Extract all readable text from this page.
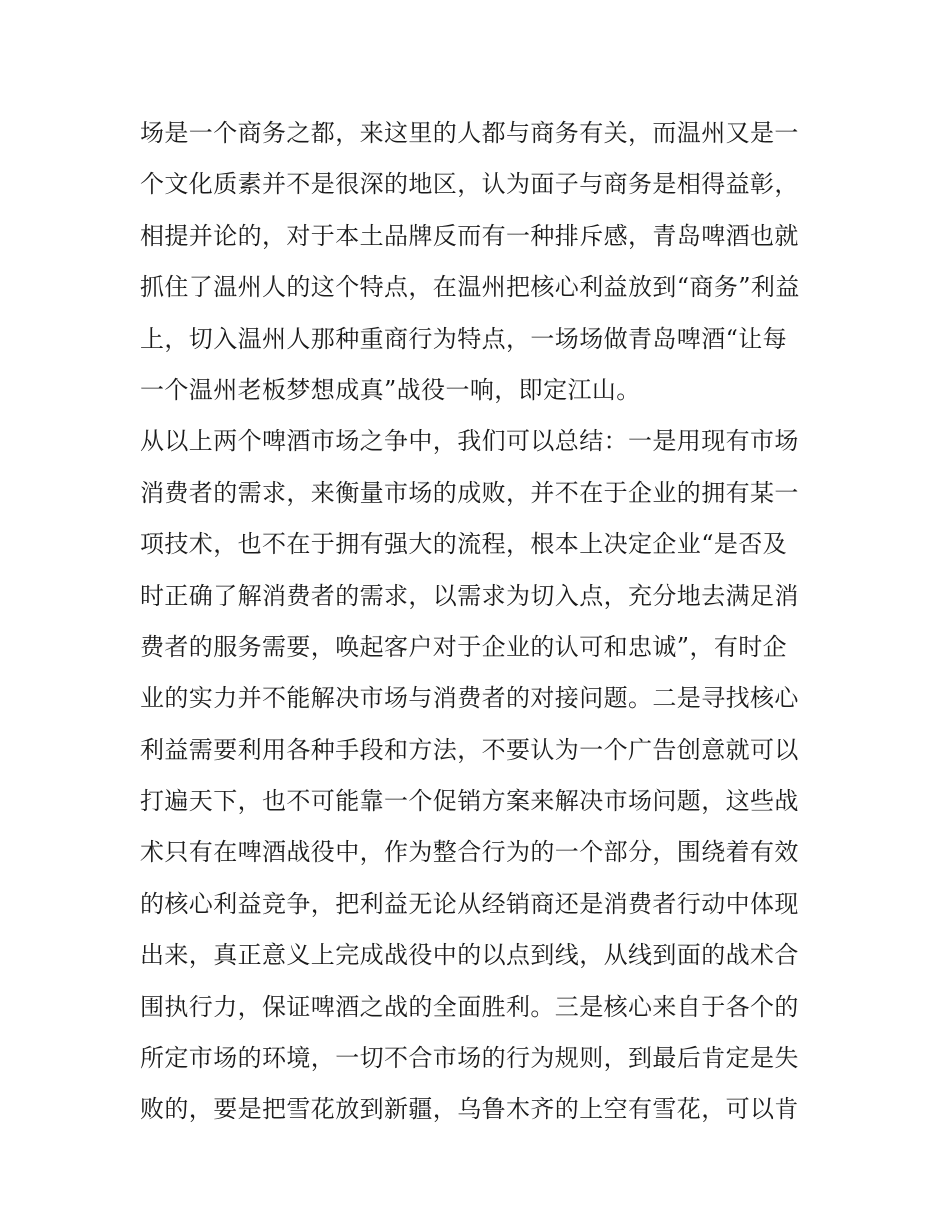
场是一个商务之都，来这里的人都与商务有关，而温州又是一
个文化质素并不是很深的地区，认为面子与商务是相得益彰，
相提并论的，对于本土品牌反而有一种排斥感，青岛啤酒也就
抓住了温州人的这个特点，在温州把核心利益放到“商务”利益
上，切入温州人那种重商行为特点，一场场做青岛啤酒“让每
一个温州老板梦想成真”战役一响，即定江山。
从以上两个啤酒市场之争中，我们可以总结：一是用现有市场
消费者的需求，来衡量市场的成败，并不在于企业的拥有某一
项技术，也不在于拥有强大的流程，根本上决定企业“是否及
时正确了解消费者的需求，以需求为切入点，充分地去满足消
费者的服务需要，唤起客户对于企业的认可和忠诚”，有时企
业的实力并不能解决市场与消费者的对接问题。二是寻找核心
利益需要利用各种手段和方法，不要认为一个广告创意就可以
打遍天下，也不可能靠一个促销方案来解决市场问题，这些战
术只有在啤酒战役中，作为整合行为的一个部分，围绕着有效
的核心利益竞争，把利益无论从经销商还是消费者行动中体现
出来，真正意义上完成战役中的以点到线，从线到面的战术合
围执行力，保证啤酒之战的全面胜利。三是核心来自于各个的
所定市场的环境，一切不合市场的行为规则，到最后肯定是失
败的，要是把雪花放到新疆，乌鲁木齐的上空有雪花，可以肯
